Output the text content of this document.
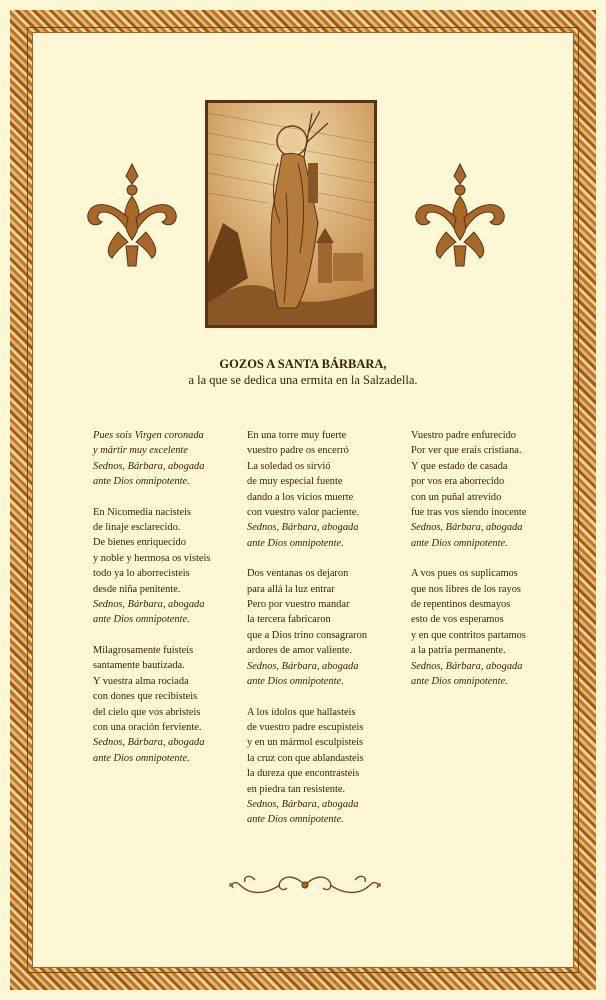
GOZOS A SANTA BÁRBARA,
a la que se dedica una ermita en la Salzadella.
Pues sois Virgen coronada
y mártir muy excelente
Sednos, Bárbara, abogada
ante Dios omnipotente.
En Nicomedia nacisteis
de linaje esclarecido.
De bienes enriquecido
y noble y hermosa os visteis
todo ya lo aborrecisteis
desde niña penitente.
Sednos, Bárbara, abogada
ante Dios omnipotente.
Milagrosamente fuisteis
santamente bautizada.
Y vuestra alma rociada
con dones que recibisteis
del cielo que vos abristeis
con una oración ferviente.
Sednos, Bárbara, abogada
ante Dios omnipotente.
En una torre muy fuerte
vuestro padre os encerró
La soledad os sirvió
de muy especial fuente
dando a los vicios muerte
con vuestro valor paciente.
Sednos, Bárbara, abogada
ante Dios omnipotente.
Dos ventanas os dejaron
para allá la luz entrar
Pero por vuestro mandar
la tercera fabricaron
que a Dios trino consagraron
ardores de amor valiente.
Sednos, Bárbara, abogada
ante Dios omnipotente.
A los ídolos que hallasteis
de vuestro padre escupisteis
y en un mármol esculpisteis
la cruz con que ablandasteis
la dureza que encontrasteis
en piedra tan resistente.
Sednos, Bárbara, abogada
ante Dios omnipotente.
Vuestro padre enfurecido
Por ver que erais cristiana.
Y que estado de casada
por vos era aborrecido
con un puñal atrevido
fue tras vos siendo inocente
Sednos, Bárbara, abogada
ante Dios omnipotente.
A vos pues os suplicamos
que nos libres de los rayos
de repentinos desmayos
esto de vos esperamos
y en que contritos partamos
a la patria permanente.
Sednos, Bárbara, abogada
ante Dios omnipotente.
